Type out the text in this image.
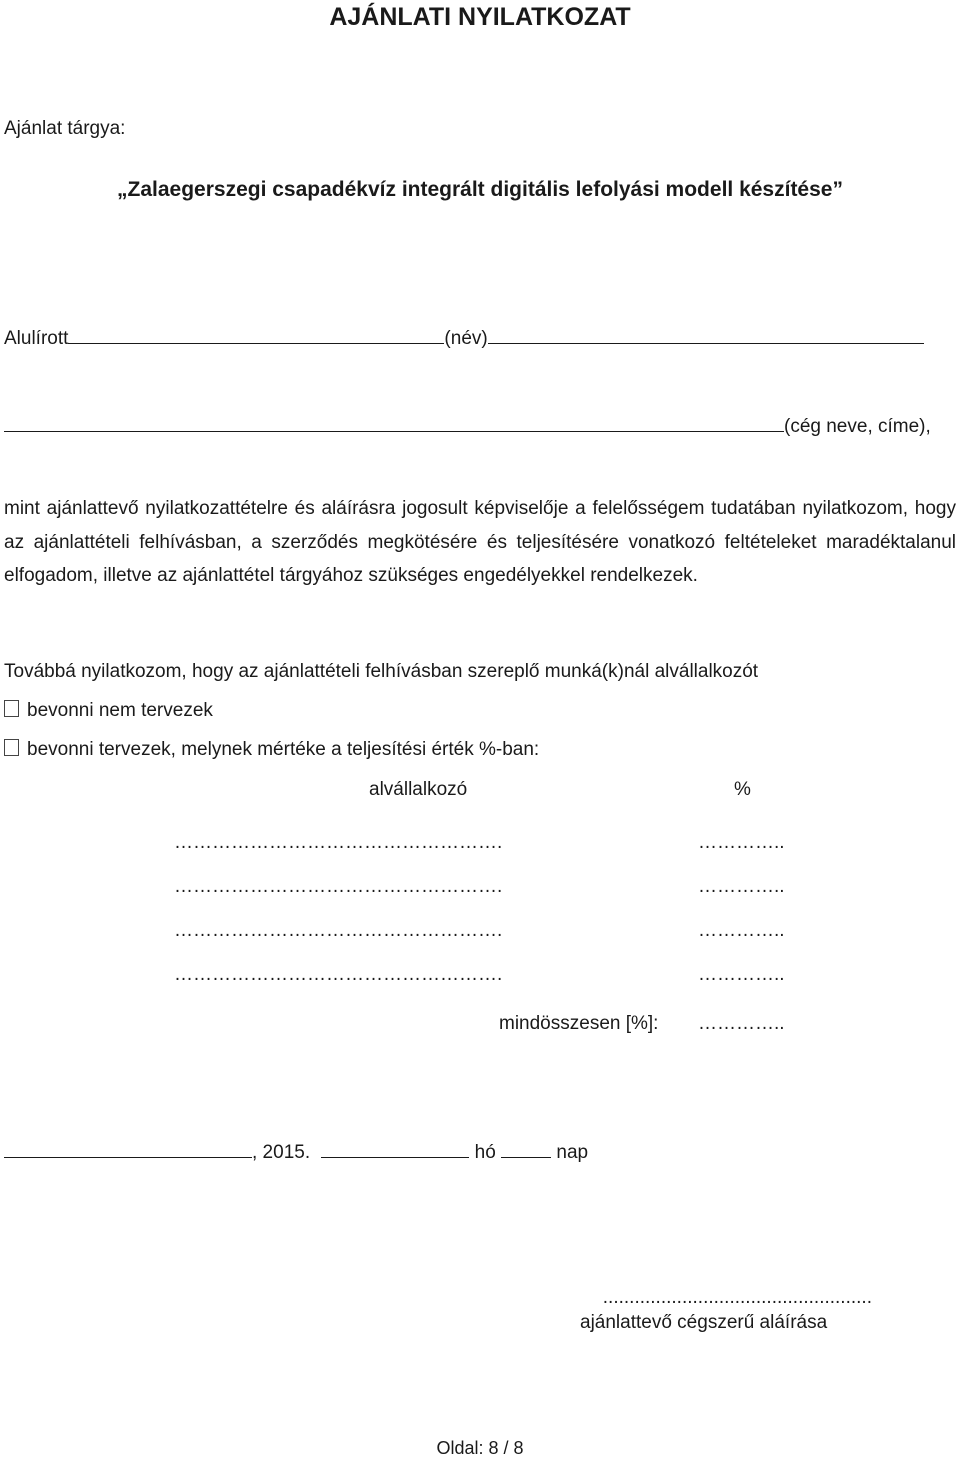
AJÁNLATI NYILATKOZAT
Ajánlat tárgya:
„Zalaegerszegi csapadékvíz integrált digitális lefolyási modell készítése”
Alulírott	(név)
(cég neve, címe),
mint ajánlattevő nyilatkozattételre és aláírásra jogosult képviselője a felelősségem tudatában nyilatkozom, hogy az ajánlattételi felhívásban, a szerződés megkötésére és teljesítésére vonatkozó feltételeket maradéktalanul elfogadom, illetve az ajánlattétel tárgyához szükséges engedélyekkel rendelkezek.
Továbbá nyilatkozom, hogy az ajánlattételi felhívásban szereplő munká(k)nál alvállalkozót
bevonni nem tervezek
bevonni tervezek, melynek mértéke a teljesítési érték %-ban:
alvállalkozó	%
…………………………………………….	…………..
…………………………………………….	…………..
…………………………………………….	…………..
…………………………………………….	…………..
mindösszesen [%]: …………..
, 2015.	hó	nap
...................................................
ajánlattevő cégszerű aláírása
Oldal: 8 / 8
